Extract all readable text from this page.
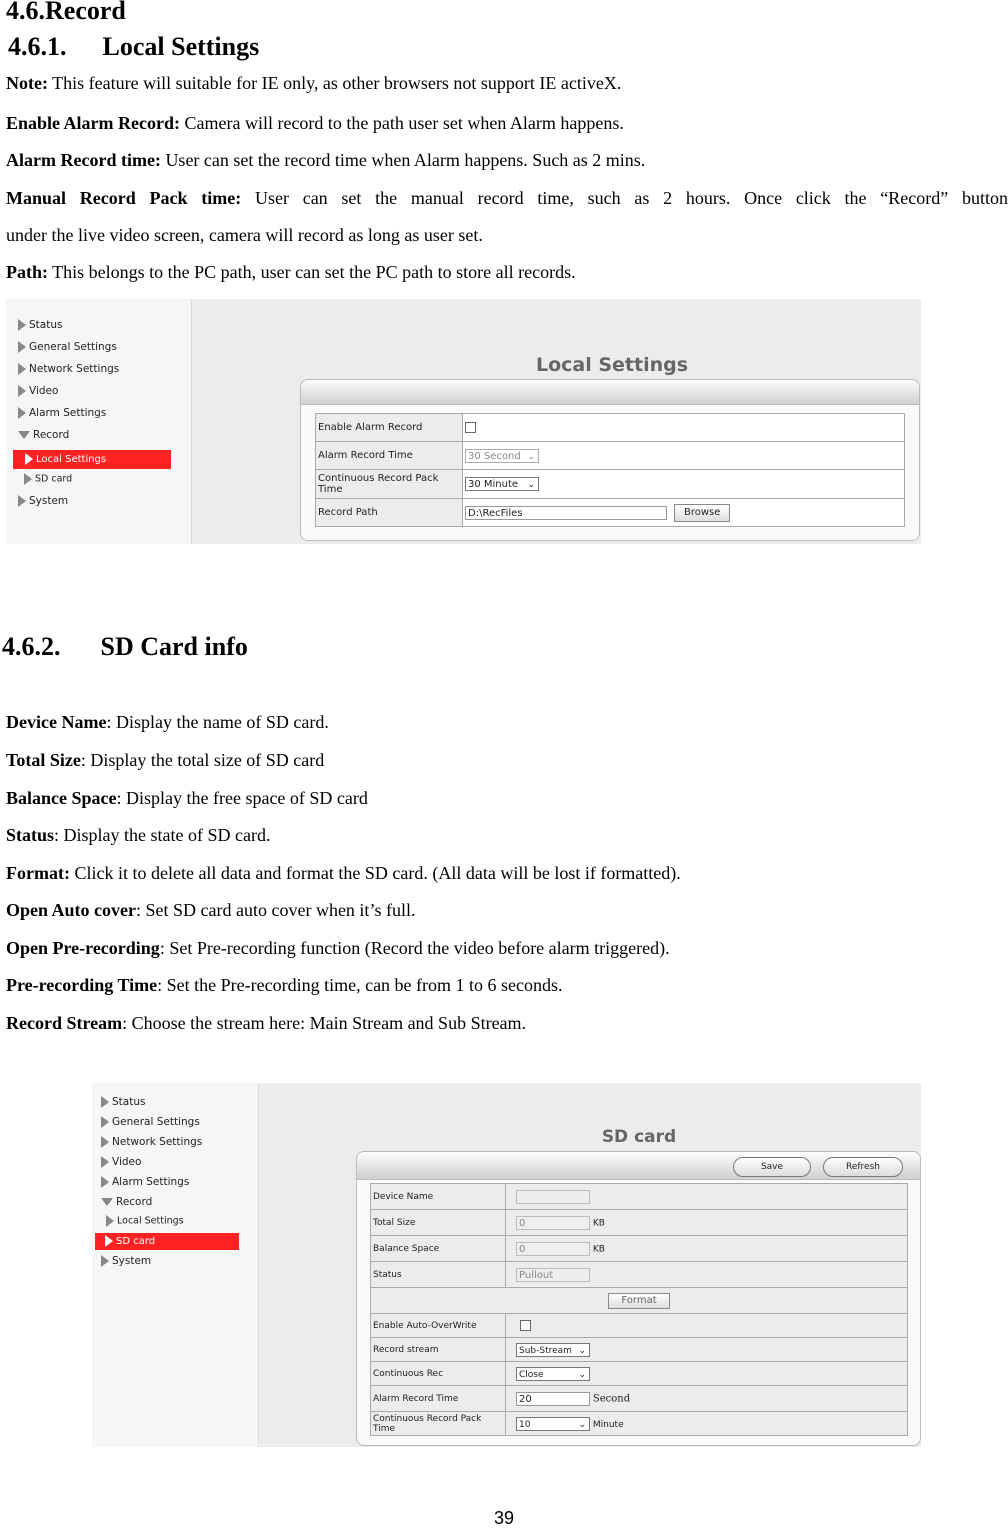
4.6.Record
4.6.1. Local Settings
Note: This feature will suitable for IE only, as other browsers not support IE activeX.
Enable Alarm Record: Camera will record to the path user set when Alarm happens.
Alarm Record time: User can set the record time when Alarm happens. Such as 2 mins.
Manual Record Pack time: User can set the manual record time, such as 2 hours. Once click the “Record” button
under the live video screen, camera will record as long as user set.
Path: This belongs to the PC path, user can set the PC path to store all records.
Status
General Settings
Network Settings
Video
Alarm Settings
Record
Local Settings
SD card
System
Local Settings
Enable Alarm Record	
Alarm Record Time	30 Second ⌄

Continuous Record Pack Time	30 Minute ⌄

Record Path	D:\RecFiles Browse
4.6.2. SD Card info
Device Name: Display the name of SD card.
Total Size: Display the total size of SD card
Balance Space: Display the free space of SD card
Status: Display the state of SD card.
Format: Click it to delete all data and format the SD card. (All data will be lost if formatted).
Open Auto cover: Set SD card auto cover when it’s full.
Open Pre-recording: Set Pre-recording function (Record the video before alarm triggered).
Pre-recording Time: Set the Pre-recording time, can be from 1 to 6 seconds.
Record Stream: Choose the stream here: Main Stream and Sub Stream.
Status
General Settings
Network Settings
Video
Alarm Settings
Record
Local Settings
SD card
System
SD card
Save	Refresh
Device Name	
Total Size	0 KB
Balance Space	0 KB
Status	Pullout
Format	
Enable Auto-OverWrite	
Record stream	Sub-Stream ⌄

Continuous Rec	Close ⌄

Alarm Record Time	20 Second
Continuous Record Pack Time	10 ⌄ Minute
39
